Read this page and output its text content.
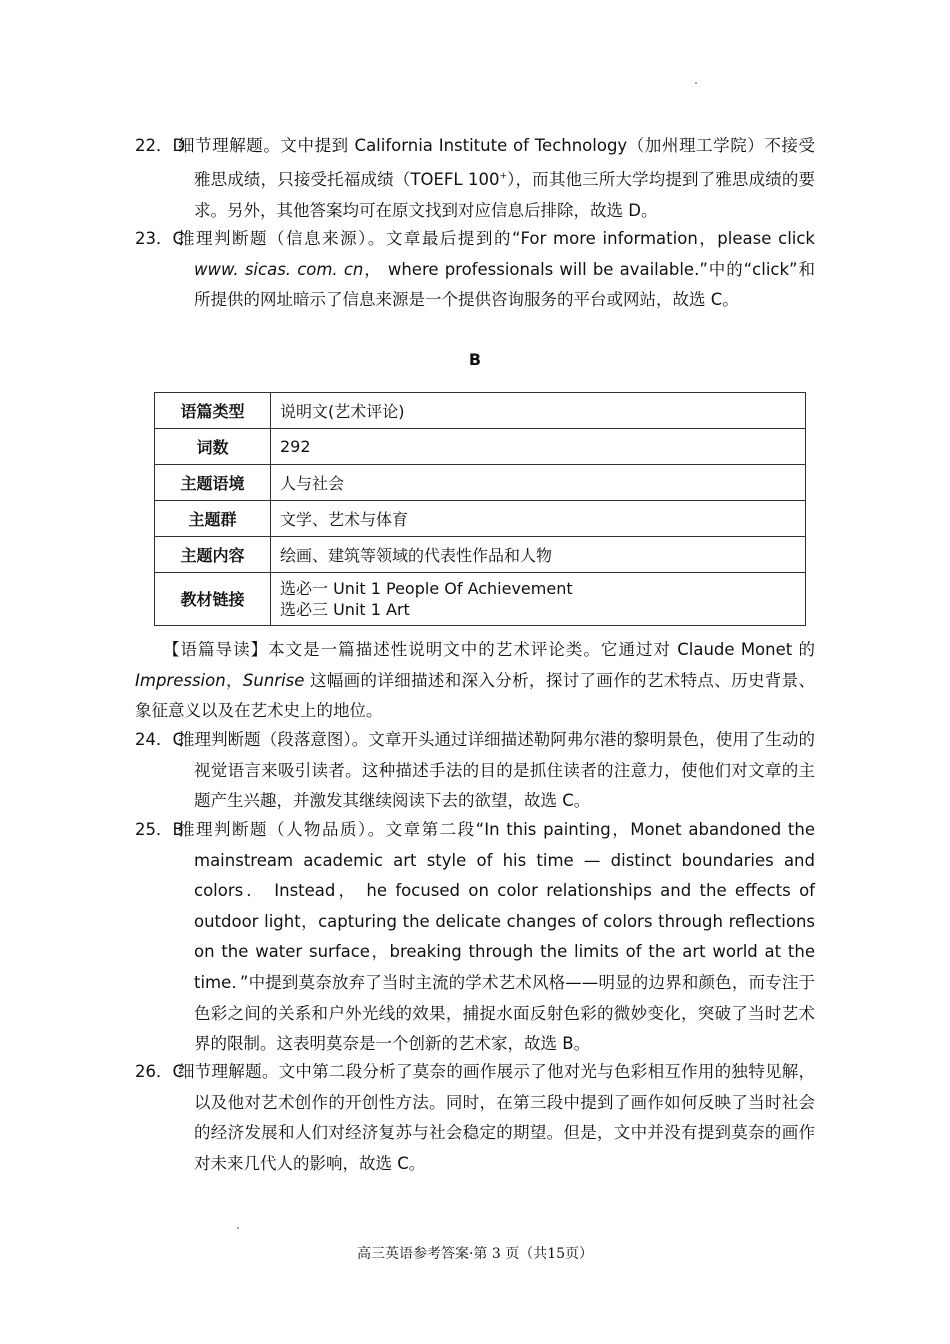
22．D
细节理解题。文中提到 California Institute of Technology（加州理工学院）不接受雅思成绩，只接受托福成绩（TOEFL 100+），而其他三所大学均提到了雅思成绩的要求。另外，其他答案均可在原文找到对应信息后排除，故选 D。
23．C
推理判断题（信息来源）。文章最后提到的“For more information，please click www. sicas. com. cn， where professionals will be available.”中的“click”和所提供的网址暗示了信息来源是一个提供咨询服务的平台或网站，故选 C。
B
语篇类型	说明文(艺术评论)
词数	292
主题语境	人与社会
主题群	文学、艺术与体育
主题内容	绘画、建筑等领域的代表性作品和人物
教材链接	选必一 Unit 1 People Of Achievement
选必三 Unit 1 Art
【语篇导读】本文是一篇描述性说明文中的艺术评论类。它通过对 Claude Monet 的 Impression，Sunrise 这幅画的详细描述和深入分析，探讨了画作的艺术特点、历史背景、象征意义以及在艺术史上的地位。
24．C
推理判断题（段落意图）。文章开头通过详细描述勒阿弗尔港的黎明景色，使用了生动的视觉语言来吸引读者。这种描述手法的目的是抓住读者的注意力，使他们对文章的主题产生兴趣，并激发其继续阅读下去的欲望，故选 C。
25．B
推理判断题（人物品质）。文章第二段“In this painting，Monet abandoned the mainstream academic art style of his time — distinct boundaries and colors． Instead， he focused on color relationships and the effects of outdoor light，capturing the delicate changes of colors through reflections on the water surface，breaking through the limits of the art world at the time．”中提到莫奈放弃了当时主流的学术艺术风格——明显的边界和颜色，而专注于色彩之间的关系和户外光线的效果，捕捉水面反射色彩的微妙变化，突破了当时艺术界的限制。这表明莫奈是一个创新的艺术家，故选 B。
26．C
细节理解题。文中第二段分析了莫奈的画作展示了他对光与色彩相互作用的独特见解，以及他对艺术创作的开创性方法。同时，在第三段中提到了画作如何反映了当时社会的经济发展和人们对经济复苏与社会稳定的期望。但是，文中并没有提到莫奈的画作对未来几代人的影响，故选 C。
高三英语参考答案·第 3 页（共15页）
